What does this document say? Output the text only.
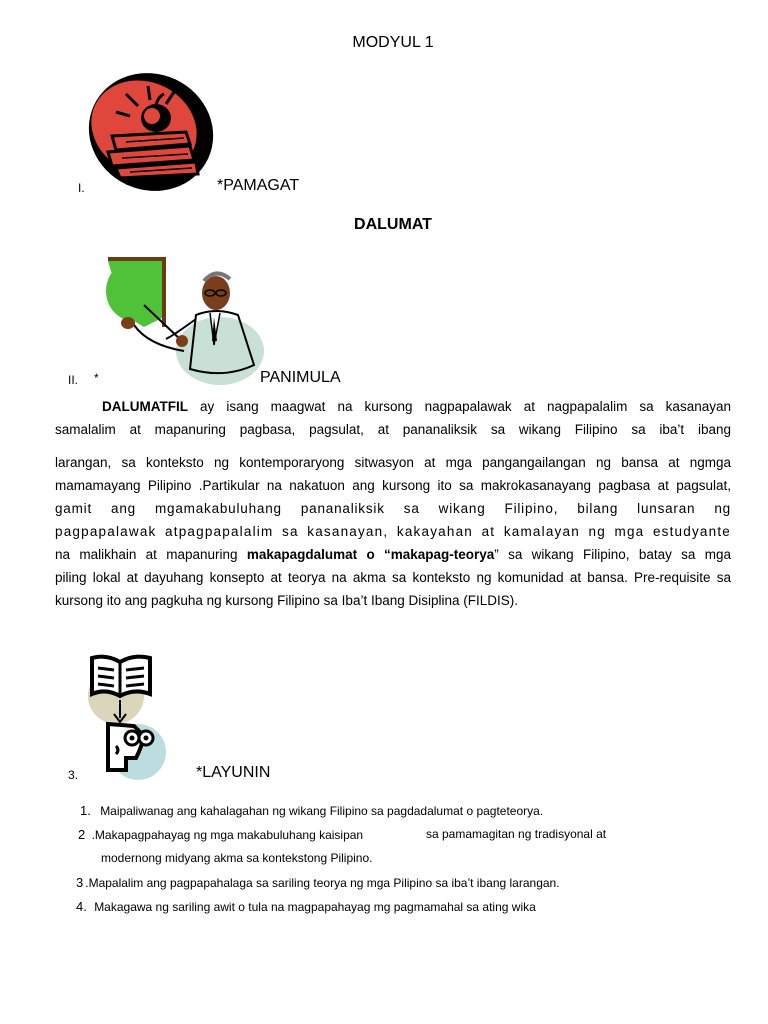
MODYUL 1
I.	*PAMAGAT
DALUMAT
II. *	PANIMULA
DALUMATFIL ay isang maagwat na kursong nagpapalawak at nagpapalalim sa kasanayan
samalalim at mapanuring pagbasa, pagsulat, at pananaliksik sa wikang Filipino sa iba’t ibang
larangan, sa konteksto ng kontemporaryong sitwasyon at mga pangangailangan ng bansa at ngmga
mamamayang Pilipino .Partikular na nakatuon ang kursong ito sa makrokasanayang pagbasa at pagsulat,
gamit ang mgamakabuluhang pananaliksik sa wikang Filipino, bilang lunsaran ng
pagpapalawak atpagpapalalim sa kasanayan, kakayahan at kamalayan ng mga estudyante
na malikhain at mapanuring makapagdalumat o “makapag-teorya” sa wikang Filipino, batay sa mga
piling lokal at dayuhang konsepto at teorya na akma sa konteksto ng komunidad at bansa. Pre-requisite sa
kursong ito ang pagkuha ng kursong Filipino sa Iba’t Ibang Disiplina (FILDIS).
3.	*LAYUNIN
1. Maipaliwanag ang kahalagahan ng wikang Filipino sa pagdadalumat o pagteteorya.
2 .Makapagpahayag ng mga makabuluhang kaisipan	sa pamamagitan ng tradisyonal at
modernong midyang akma sa kontekstong Pilipino.
3 .Mapalalim ang pagpapahalaga sa sariling teorya ng mga Pilipino sa iba’t ibang larangan.
4. Makagawa ng sariling awit o tula na magpapahayag mg pagmamahal sa ating wika
